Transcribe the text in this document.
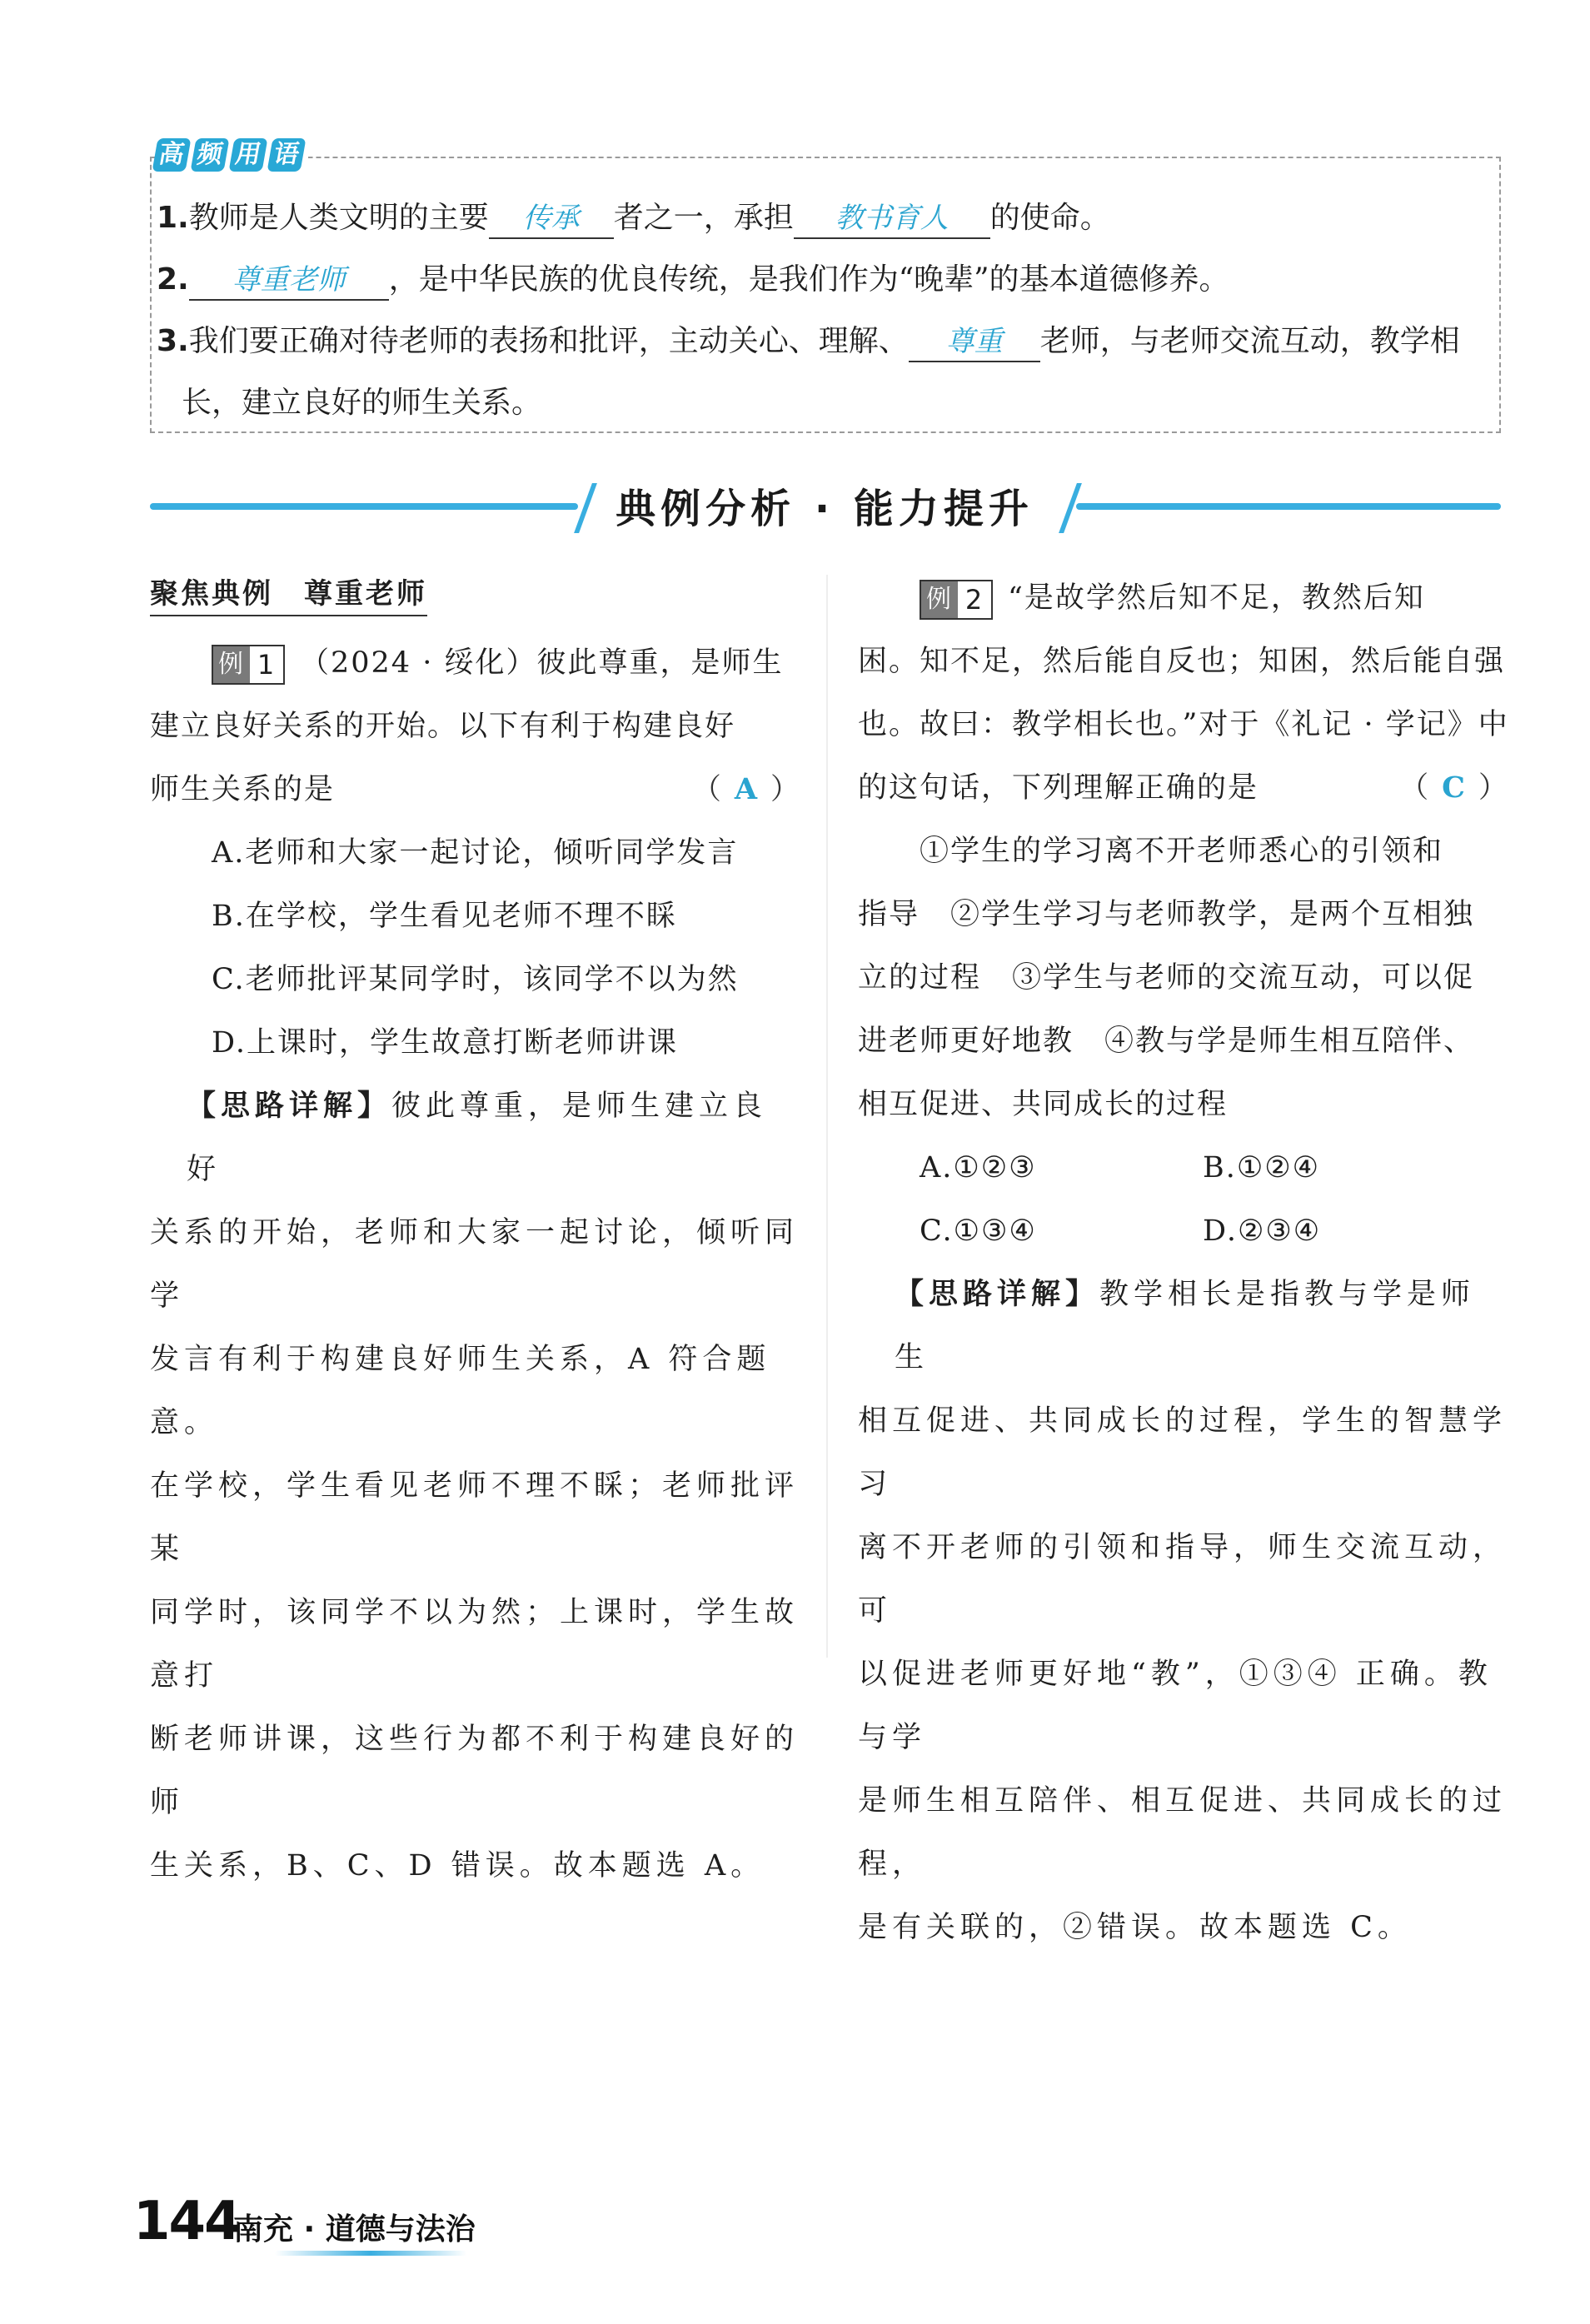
高 频 用 语
1.教师是人类文明的主要 传承 者之一，承担 教书育人 的使命。
2. 尊重老师 ，是中华民族的优良传统，是我们作为“晚辈”的基本道德修养。
3.我们要正确对待老师的表扬和批评，主动关心、理解、 尊重 老师，与老师交流互动，教学相
长，建立良好的师生关系。
典例分析 · 能力提升
聚焦典例　尊重老师
例 1 （2024 · 绥化）彼此尊重，是师生
建立良好关系的开始。以下有利于构建良好
师生关系的是	（ A ）
A.老师和大家一起讨论，倾听同学发言
B.在学校，学生看见老师不理不睬
C.老师批评某同学时，该同学不以为然
D.上课时，学生故意打断老师讲课
【思路详解】彼此尊重，是师生建立良好
关系的开始，老师和大家一起讨论，倾听同学
发言有利于构建良好师生关系，A 符合题意。
在学校，学生看见老师不理不睬；老师批评某
同学时，该同学不以为然；上课时，学生故意打
断老师讲课，这些行为都不利于构建良好的师
生关系，B、C、D 错误。故本题选 A。
例 2 “是故学然后知不足，教然后知
困。知不足，然后能自反也；知困，然后能自强
也。故曰：教学相长也。”对于《礼记 · 学记》中
的这句话，下列理解正确的是	（ C ）
①学生的学习离不开老师悉心的引领和
指导　②学生学习与老师教学，是两个互相独
立的过程　③学生与老师的交流互动，可以促
进老师更好地教　④教与学是师生相互陪伴、
相互促进、共同成长的过程
A.①②③	B.①②④
C.①③④	D.②③④
【思路详解】教学相长是指教与学是师生
相互促进、共同成长的过程，学生的智慧学习
离不开老师的引领和指导，师生交流互动，可
以促进老师更好地“教”，①③④ 正确。教与学
是师生相互陪伴、相互促进、共同成长的过程，
是有关联的，②错误。故本题选 C。
144
南充 · 道德与法治
